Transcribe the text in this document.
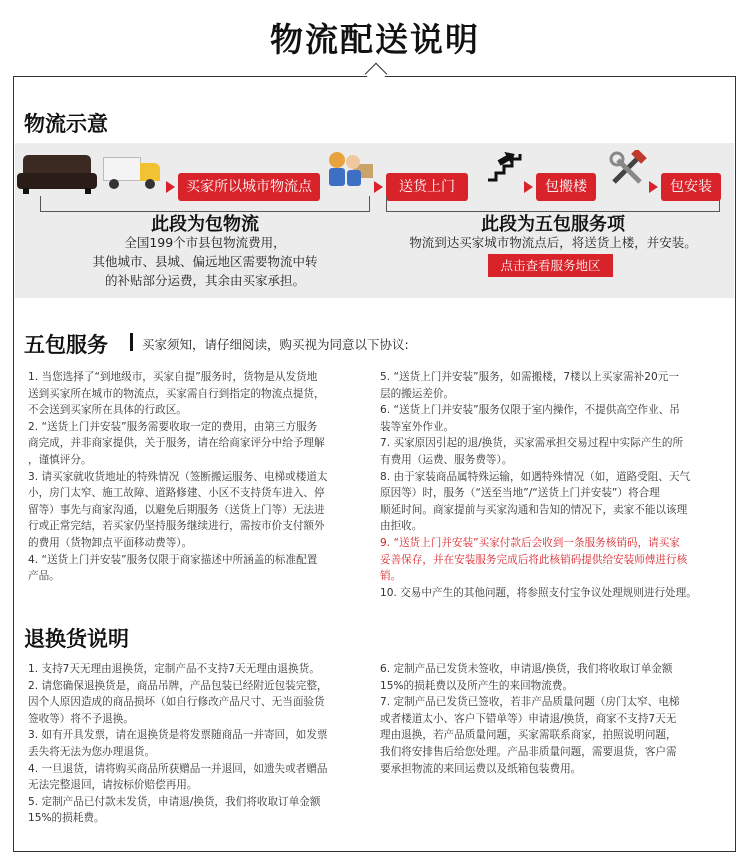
物流配送说明
物流示意
买家所以城市物流点	送货上门	包搬楼	包安装
此段为包物流
全国199个市县包物流费用，
其他城市、县城、偏远地区需要物流中转
的补贴部分运费，其余由买家承担。
此段为五包服务项
物流到达买家城市物流点后，将送货上楼，并安装。
点击查看服务地区
五包服务	买家须知，请仔细阅读，购买视为同意以下协议:

1. 当您选择了“到地级市，买家自提”服务时，货物是从发货地

送到买家所在城市的物流点，买家需自行到指定的物流点提货，

不会送到买家所在具体的行政区。

2. “送货上门并安装”服务需要收取一定的费用，由第三方服务

商完成，并非商家提供，关于服务，请在给商家评分中给予理解

，谨慎评分。

3. 请买家就收货地址的特殊情况（签断搬运服务、电梯或楼道太

小，房门太窄、施工故障、道路修建、小区不支持货车进入、停

留等）事先与商家沟通，以避免后期服务（送货上门等）无法进

行或正常完结，若买家仍坚持服务继续进行，需按市价支付额外

的费用（货物卸点平面移动费等）。

4. “送货上门并安装”服务仅限于商家描述中所涵盖的标准配置

产品。

5. “送货上门并安装”服务，如需搬楼，7楼以上买家需补20元一

层的搬运差价。

6. “送货上门并安装”服务仅限于室内操作，不提供高空作业、吊

装等室外作业。

7. 买家原因引起的退/换货，买家需承担交易过程中实际产生的所

有费用（运费、服务费等）。

8. 由于家装商品属特殊运输，如遇特殊情况（如，道路受阻、天气

原因等）时，服务（“送至当地”/“送货上门并安装”）将合理

顺延时间。商家提前与买家沟通和告知的情况下，卖家不能以该理

由拒收。

9. “送货上门并安装”买家付款后会收到一条服务核销码，请买家

妥善保存，并在安装服务完成后将此核销码提供给安装师傅进行核

销。

10. 交易中产生的其他问题，将参照支付宝争议处理规则进行处理。

退换货说明

1. 支持7天无理由退换货，定制产品不支持7天无理由退换货。

2. 请您确保退换货是，商品吊牌，产品包装已经附近包装完整，

因个人原因造成的商品损坏（如自行修改产品尺寸、无当面验货

签收等）将不予退换。

3. 如有开具发票，请在退换货是将发票随商品一并寄回，如发票

丢失将无法为您办理退货。

4. 一旦退货，请将购买商品所获赠品一并退回，如遗失或者赠品

无法完整退回，请按标价赔偿再用。

5. 定制产品已付款未发货，申请退/换货，我们将收取订单金额

15%的损耗费。

6. 定制产品已发货未签收，申请退/换货，我们将收取订单金额

15%的损耗费以及所产生的来回物流费。

7. 定制产品已发货已签收，若非产品质量问题（房门太窄、电梯

或者楼道太小、客户下错单等）申请退/换货，商家不支持7天无

理由退换，若产品质量问题，买家需联系商家，拍照说明问题，

我们将安排售后给您处理。产品非质量问题，需要退货，客户需

要承担物流的来回运费以及纸箱包装费用。
